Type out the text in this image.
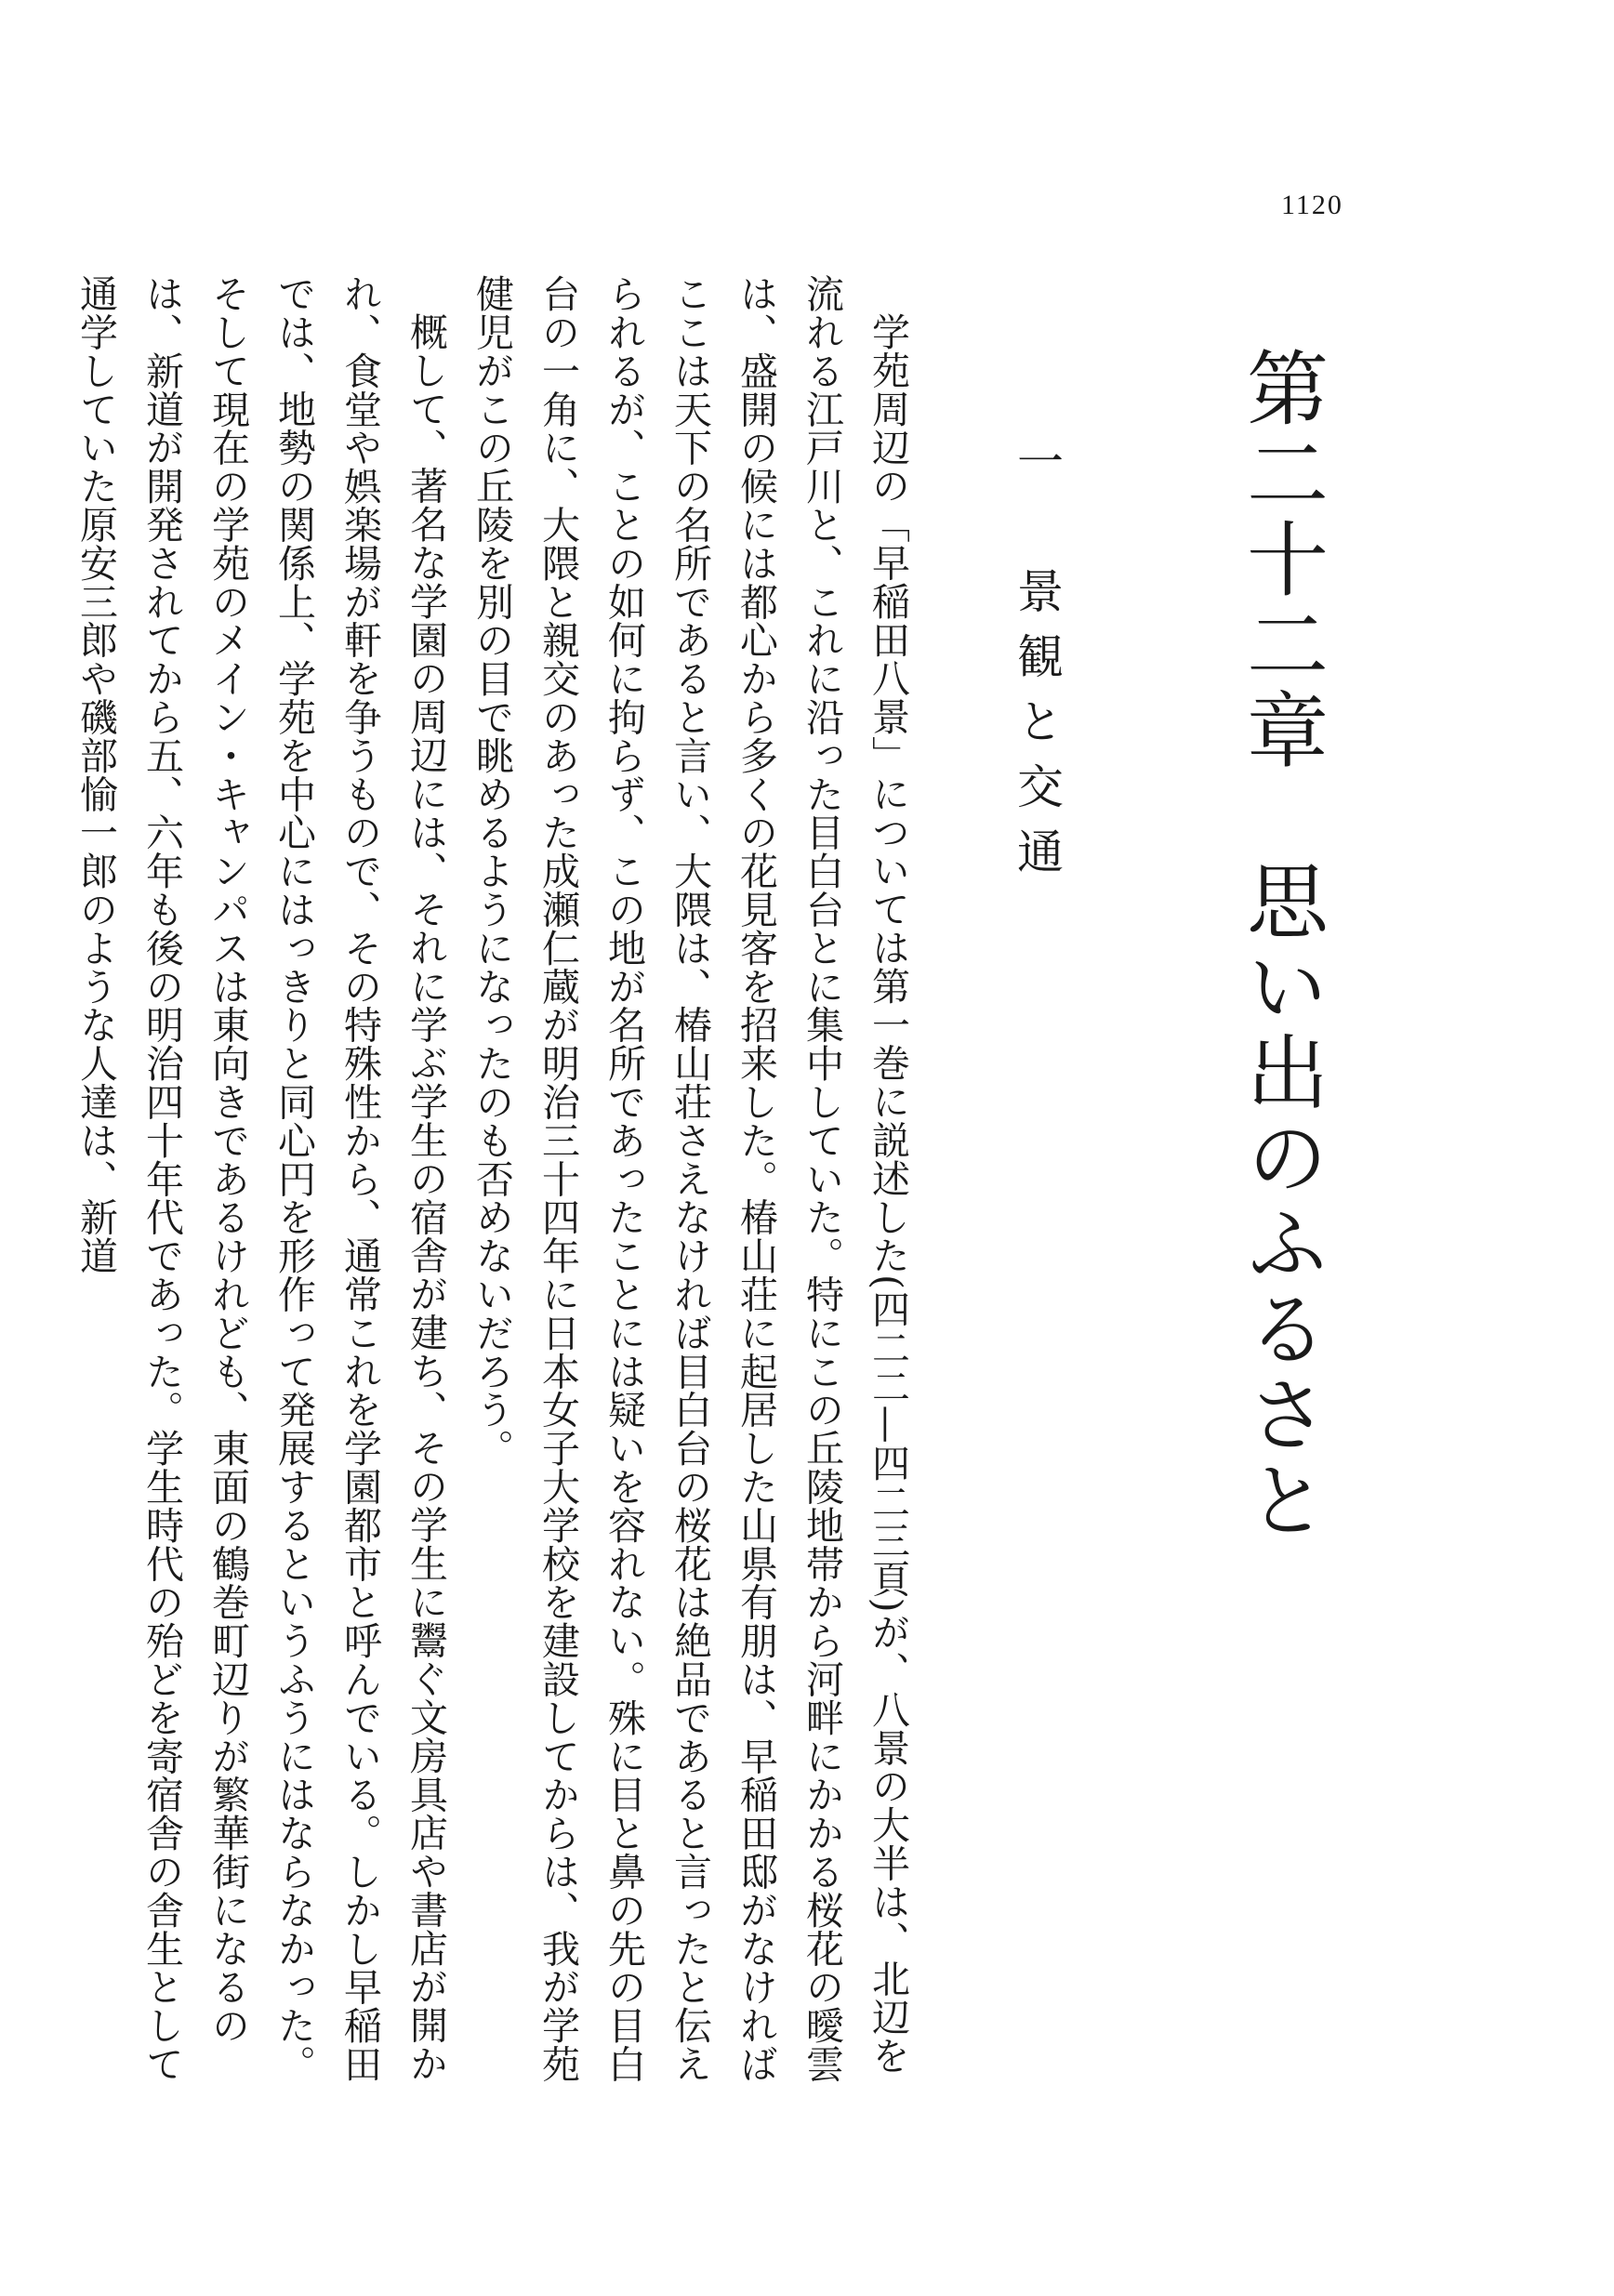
1120
第二十二章　思い出のふるさと
一　景観と交通

学苑周辺の「早稲田八景」については第一巻に説述した(四二二—四二三頁)が、八景の大半は、北辺を流れる江戸川と、これに沿った目白台とに集中していた。特にこの丘陵地帯から河畔にかかる桜花の曖雲は、盛開の候には都心から多くの花見客を招来した。椿山荘に起居した山県有朋は、早稲田邸がなければここは天下の名所であると言い、大隈は、椿山荘さえなければ目白台の桜花は絶品であると言ったと伝えられるが、ことの如何に拘らず、この地が名所であったことには疑いを容れない。殊に目と鼻の先の目白台の一角に、大隈と親交のあった成瀬仁蔵が明治三十四年に日本女子大学校を建設してからは、我が学苑健児がこの丘陵を別の目で眺めるようになったのも否めないだろう。

概して、著名な学園の周辺には、それに学ぶ学生の宿舎が建ち、その学生に鬻ぐ文房具店や書店が開かれ、食堂や娯楽場が軒を争うもので、その特殊性から、通常これを学園都市と呼んでいる。しかし早稲田では、地勢の関係上、学苑を中心にはっきりと同心円を形作って発展するというふうにはならなかった。そして現在の学苑のメイン・キャンパスは東向きであるけれども、東面の鶴巻町辺りが繁華街になるのは、新道が開発されてから五、六年も後の明治四十年代であった。学生時代の殆どを寄宿舎の舎生として通学していた原安三郎や磯部愉一郎のような人達は、新道
